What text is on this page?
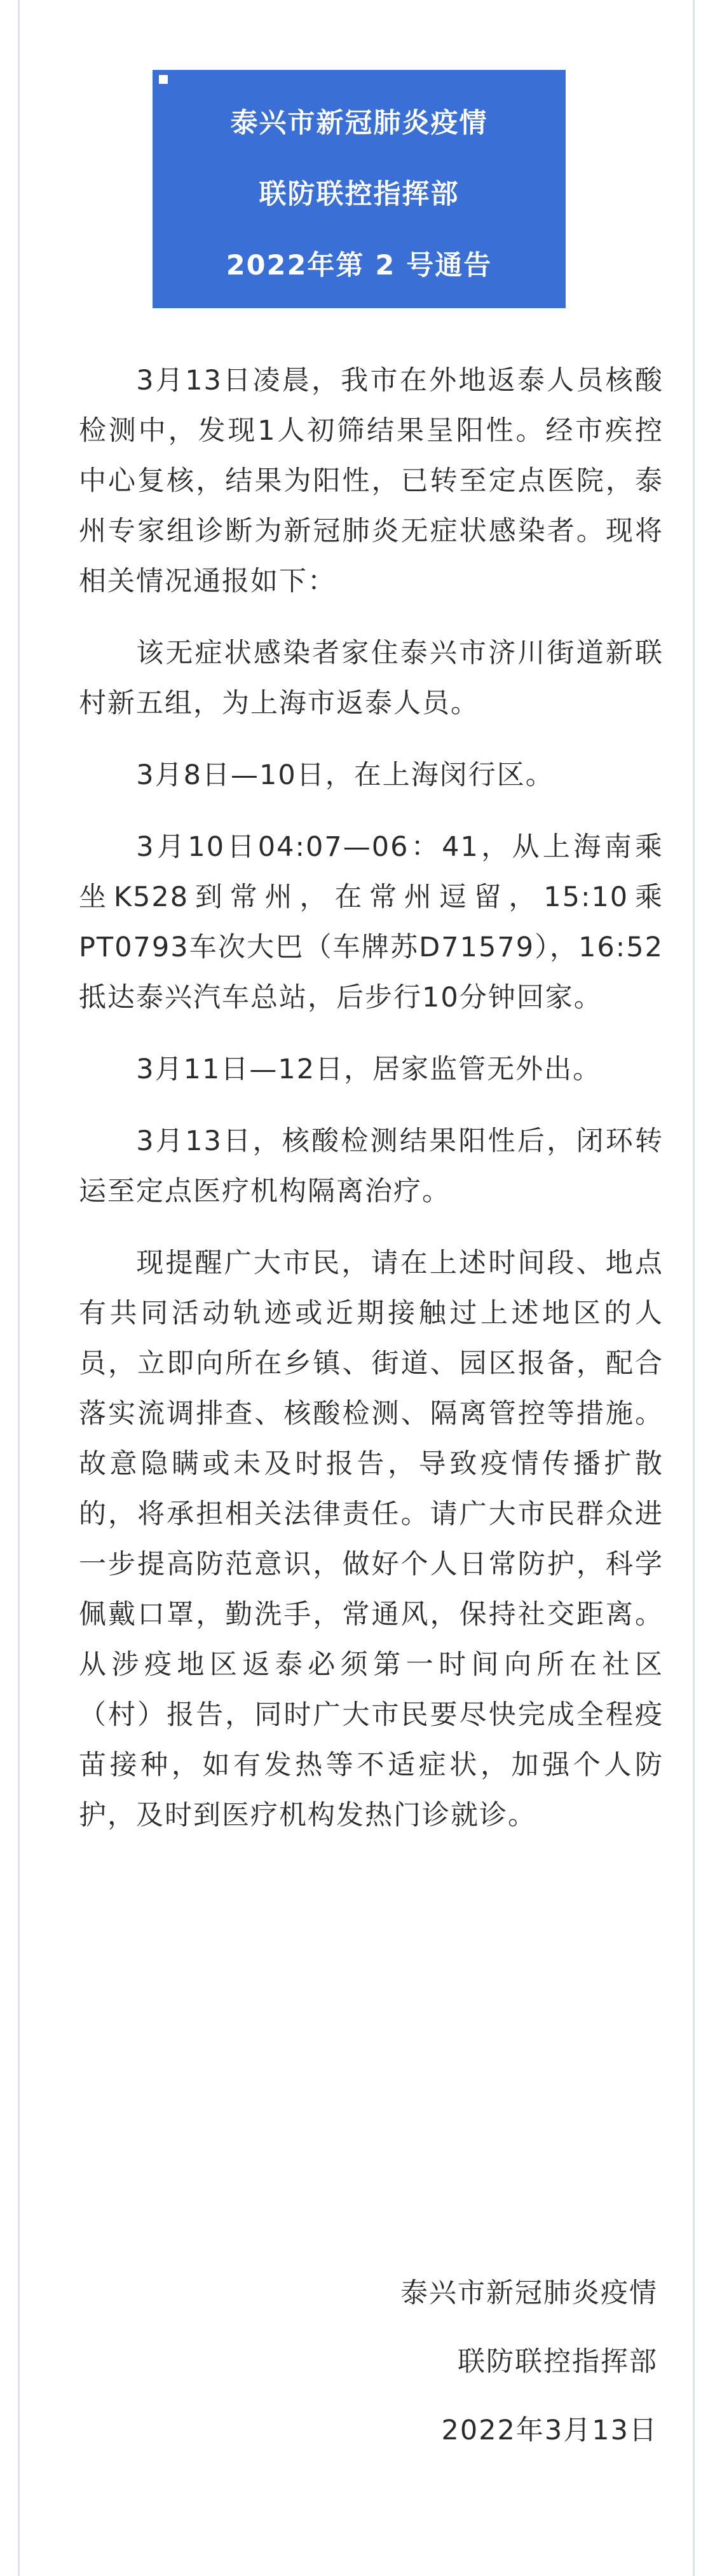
泰兴市新冠肺炎疫情
联防联控指挥部
2022年第 2 号通告

3月13日凌晨，我市在外地返泰人员核酸检测中，发现1人初筛结果呈阳性。经市疾控中心复核，结果为阳性，已转至定点医院，泰州专家组诊断为新冠肺炎无症状感染者。现将相关情况通报如下：

该无症状感染者家住泰兴市济川街道新联村新五组，为上海市返泰人员。

3月8日—10日，在上海闵行区。

3月10日04:07—06：41，从上海南乘坐K528到常州，在常州逗留，15:10乘PT0793车次大巴（车牌苏D71579），16:52抵达泰兴汽车总站，后步行10分钟回家。

3月11日—12日，居家监管无外出。

3月13日，核酸检测结果阳性后，闭环转运至定点医疗机构隔离治疗。

现提醒广大市民，请在上述时间段、地点有共同活动轨迹或近期接触过上述地区的人员，立即向所在乡镇、街道、园区报备，配合落实流调排查、核酸检测、隔离管控等措施。故意隐瞒或未及时报告，导致疫情传播扩散的，将承担相关法律责任。请广大市民群众进一步提高防范意识，做好个人日常防护，科学佩戴口罩，勤洗手，常通风，保持社交距离。从涉疫地区返泰必须第一时间向所在社区（村）报告，同时广大市民要尽快完成全程疫苗接种，如有发热等不适症状，加强个人防护，及时到医疗机构发热门诊就诊。

泰兴市新冠肺炎疫情
联防联控指挥部
2022年3月13日
